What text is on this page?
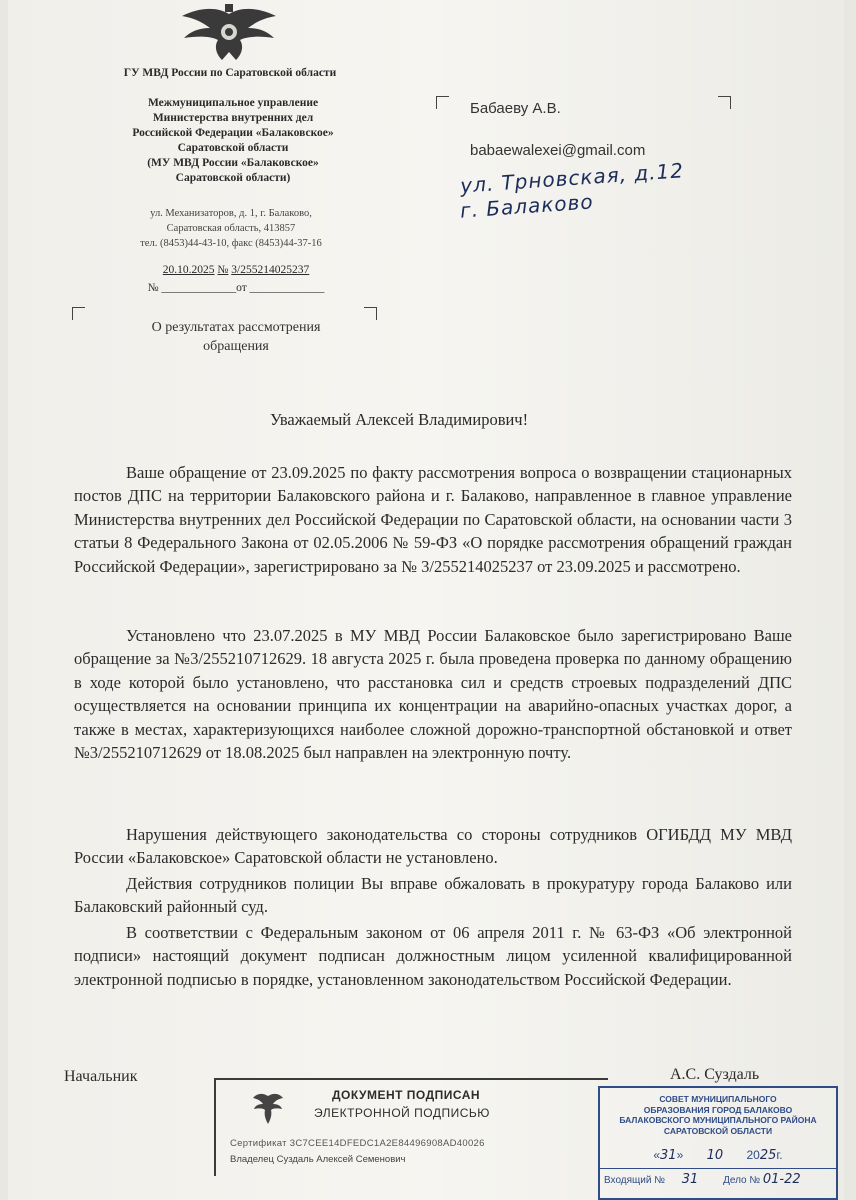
ГУ МВД России по Саратовской области
Межмуниципальное управление
Министерства внутренних дел
Российской Федерации «Балаковское»
Саратовской области
(МУ МВД России «Балаковское»
Саратовской области)
ул. Механизаторов, д. 1, г. Балаково,
Саратовская область, 413857
тел. (8453)44-43-10, факс (8453)44-37-16
20.10.2025 № 3/255214025237
№ _____________от _____________
О результатах рассмотрения
обращения
Бабаеву А.В.
babaewalexei@gmail.com
ул. Трновская, д.12
г. Балаково
Уважаемый Алексей Владимирович!
Ваше обращение от 23.09.2025 по факту рассмотрения вопроса о возвращении стационарных постов ДПС на территории Балаковского района и г. Балаково, направленное в главное управление Министерства внутренних дел Российской Федерации по Саратовской области, на основании части 3 статьи 8 Федерального Закона от 02.05.2006 № 59-ФЗ «О порядке рассмотрения обращений граждан Российской Федерации», зарегистрировано за № 3/255214025237 от 23.09.2025 и рассмотрено.
Установлено что 23.07.2025 в МУ МВД России Балаковское было зарегистрировано Ваше обращение за №3/255210712629. 18 августа 2025 г. была проведена проверка по данному обращению в ходе которой было установлено, что расстановка сил и средств строевых подразделений ДПС осуществляется на основании принципа их концентрации на аварийно-опасных участках дорог, а также в местах, характеризующихся наиболее сложной дорожно-транспортной обстановкой и ответ №3/255210712629 от 18.08.2025 был направлен на электронную почту.
Нарушения действующего законодательства со стороны сотрудников ОГИБДД МУ МВД России «Балаковское» Саратовской области не установлено.
Действия сотрудников полиции Вы вправе обжаловать в прокуратуру города Балаково или Балаковский районный суд.
В соответствии с Федеральным законом от 06 апреля 2011 г. № 63-ФЗ «Об электронной подписи» настоящий документ подписан должностным лицом усиленной квалифицированной электронной подписью в порядке, установленном законодательством Российской Федерации.
Начальник	А.С. Суздаль
ДОКУМЕНТ ПОДПИСАН
ЭЛЕКТРОННОЙ ПОДПИСЬЮ
Сертификат 3C7CEE14DFEDC1A2E84496908AD40026
Владелец Суздаль Алексей Семенович
СОВЕТ МУНИЦИПАЛЬНОГО
ОБРАЗОВАНИЯ ГОРОД БАЛАКОВО
БАЛАКОВСКОГО МУНИЦИПАЛЬНОГО РАЙОНА
САРАТОВСКОЙ ОБЛАСТИ
«31» 10 2025г.
Входящий № 31 Дело № 01-22
